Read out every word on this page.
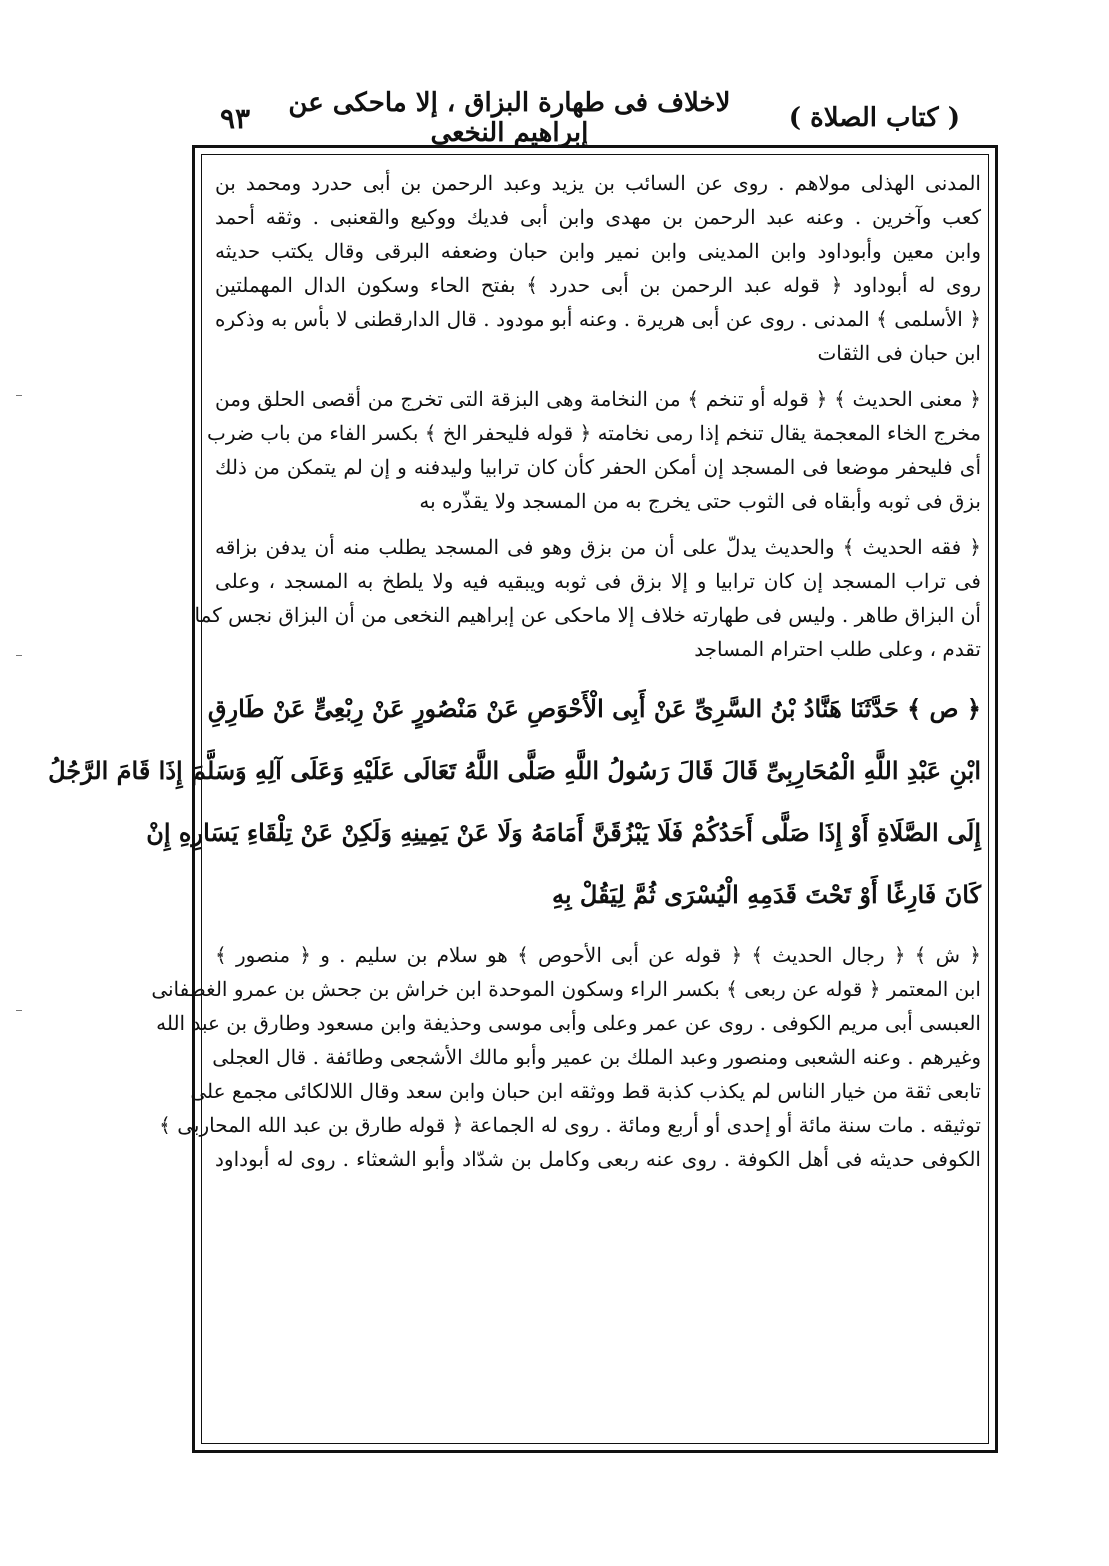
( كتاب الصلاة )
لاخلاف فى طهارة البزاق ، إلا ماحكى عن إبراهيم النخعى
٩٣
المدنى الهذلى مولاهم . روى عن السائب بن يزيد وعبد الرحمن بن أبى حدرد ومحمد بن
كعب وآخرين . وعنه عبد الرحمن بن مهدى وابن أبى فديك ووكيع والقعنبى . وثقه أحمد
وابن معين وأبوداود وابن المدينى وابن نمير وابن حبان وضعفه البرقى وقال يكتب حديثه
روى له أبوداود ﴿ قوله عبد الرحمن بن أبى حدرد ﴾ بفتح الحاء وسكون الدال المهملتين
﴿ الأسلمى ﴾ المدنى . روى عن أبى هريرة . وعنه أبو مودود . قال الدارقطنى لا بأس به وذكره
ابن حبان فى الثقات
﴿ معنى الحديث ﴾ ﴿ قوله أو تنخم ﴾ من النخامة وهى البزقة التى تخرج من أقصى الحلق ومن
مخرج الخاء المعجمة يقال تنخم إذا رمى نخامته ﴿ قوله فليحفر الخ ﴾ بكسر الفاء من باب ضرب
أى فليحفر موضعا فى المسجد إن أمكن الحفر كأن كان ترابيا وليدفنه و إن لم يتمكن من ذلك
بزق فى ثوبه وأبقاه فى الثوب حتى يخرج به من المسجد ولا يقذّره به
﴿ فقه الحديث ﴾ والحديث يدلّ على أن من بزق وهو فى المسجد يطلب منه أن يدفن بزاقه
فى تراب المسجد إن كان ترابيا و إلا بزق فى ثوبه ويبقيه فيه ولا يلطخ به المسجد ، وعلى
أن البزاق طاهر . وليس فى طهارته خلاف إلا ماحكى عن إبراهيم النخعى من أن البزاق نجس كما
تقدم ، وعلى طلب احترام المساجد
﴿ ص ﴾ حَدَّثَنَا هَنَّادُ بْنُ السَّرِىِّ عَنْ أَبِى الْأَحْوَصِ عَنْ مَنْصُورٍ عَنْ رِبْعِىٍّ عَنْ طَارِقِ
ابْنِ عَبْدِ اللَّهِ الْمُحَارِبِىِّ قَالَ قَالَ رَسُولُ اللَّهِ صَلَّى اللَّهُ تَعَالَى عَلَيْهِ وَعَلَى آلِهِ وَسَلَّمَ إِذَا قَامَ الرَّجُلُ
إِلَى الصَّلَاةِ أَوْ إِذَا صَلَّى أَحَدُكُمْ فَلَا يَبْزُقَنَّ أَمَامَهُ وَلَا عَنْ يَمِينِهِ وَلَكِنْ عَنْ تِلْقَاءِ يَسَارِهِ إِنْ
كَانَ فَارِغًا أَوْ تَحْتَ قَدَمِهِ الْيُسْرَى ثُمَّ لِيَقُلْ بِهِ
﴿ ش ﴾ ﴿ رجال الحديث ﴾ ﴿ قوله عن أبى الأحوص ﴾ هو سلام بن سليم . و ﴿ منصور ﴾
ابن المعتمر ﴿ قوله عن ربعى ﴾ بكسر الراء وسكون الموحدة ابن خراش بن جحش بن عمرو الغطفانى
العبسى أبى مريم الكوفى . روى عن عمر وعلى وأبى موسى وحذيفة وابن مسعود وطارق بن عبد الله
وغيرهم . وعنه الشعبى ومنصور وعبد الملك بن عمير وأبو مالك الأشجعى وطائفة . قال العجلى
تابعى ثقة من خيار الناس لم يكذب كذبة قط ووثقه ابن حبان وابن سعد وقال اللالكائى مجمع على
توثيقه . مات سنة مائة أو إحدى أو أربع ومائة . روى له الجماعة ﴿ قوله طارق بن عبد الله المحاربى ﴾
الكوفى حديثه فى أهل الكوفة . روى عنه ربعى وكامل بن شدّاد وأبو الشعثاء . روى له أبوداود
